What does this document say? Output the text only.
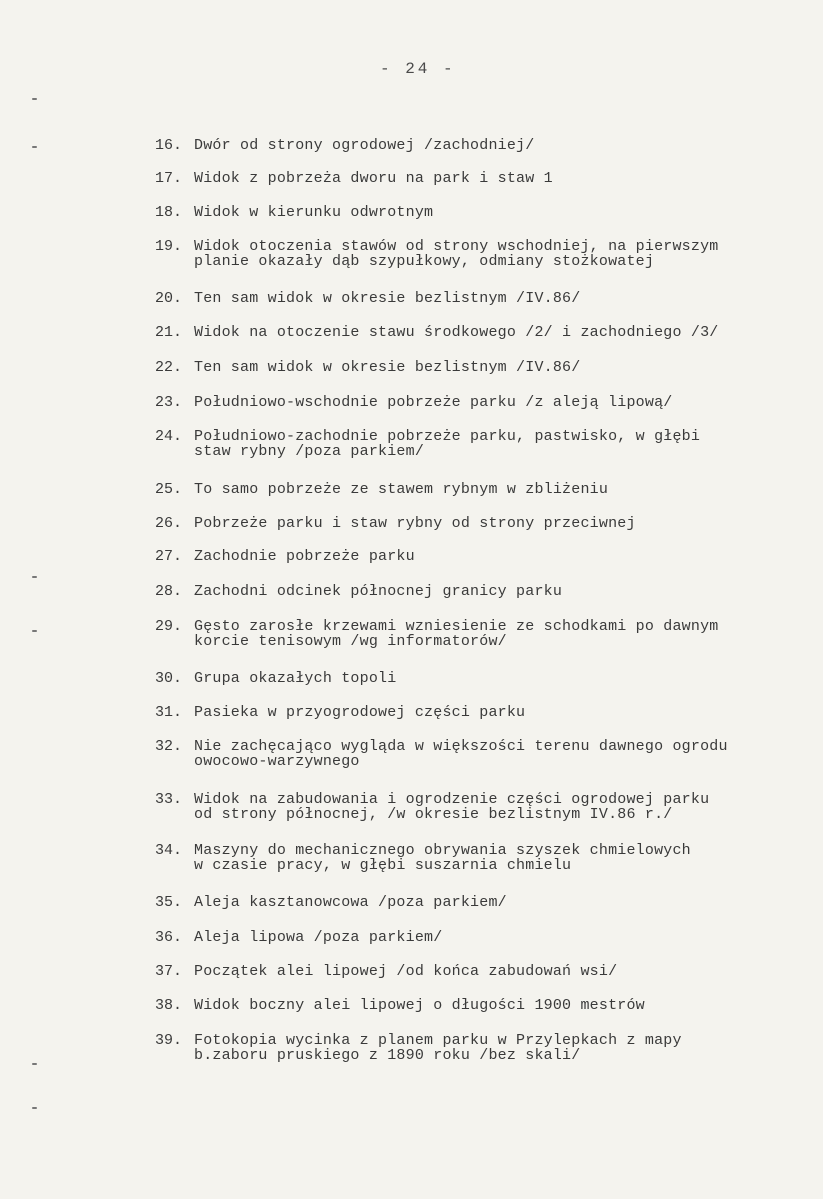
- 24 -
16. Dwór od strony ogrodowej /zachodniej/
17. Widok z pobrzeża dworu na park i staw 1
18. Widok w kierunku odwrotnym
19. Widok otoczenia stawów od strony wschodniej, na pierwszym
planie okazały dąb szypułkowy, odmiany stożkowatej
20. Ten sam widok w okresie bezlistnym /IV.86/
21. Widok na otoczenie stawu środkowego /2/ i zachodniego /3/
22. Ten sam widok w okresie bezlistnym /IV.86/
23. Południowo-wschodnie pobrzeże parku /z aleją lipową/
24. Południowo-zachodnie pobrzeże parku, pastwisko, w głębi
staw rybny /poza parkiem/
25. To samo pobrzeże ze stawem rybnym w zbliżeniu
26. Pobrzeże parku i staw rybny od strony przeciwnej
27. Zachodnie pobrzeże parku
28. Zachodni odcinek północnej granicy parku
29. Gęsto zarosłe krzewami wzniesienie ze schodkami po dawnym
korcie tenisowym /wg informatorów/
30. Grupa okazałych topoli
31. Pasieka w przyogrodowej części parku
32. Nie zachęcająco wygląda w większości terenu dawnego ogrodu
owocowo-warzywnego
33. Widok na zabudowania i ogrodzenie części ogrodowej parku
od strony północnej, /w okresie bezlistnym IV.86 r./
34. Maszyny do mechanicznego obrywania szyszek chmielowych
w czasie pracy, w głębi suszarnia chmielu
35. Aleja kasztanowcowa /poza parkiem/
36. Aleja lipowa /poza parkiem/
37. Początek alei lipowej /od końca zabudowań wsi/
38. Widok boczny alei lipowej o długości 1900 mestrów
39. Fotokopia wycinka z planem parku w Przylepkach z mapy
b.zaboru pruskiego z 1890 roku /bez skali/
